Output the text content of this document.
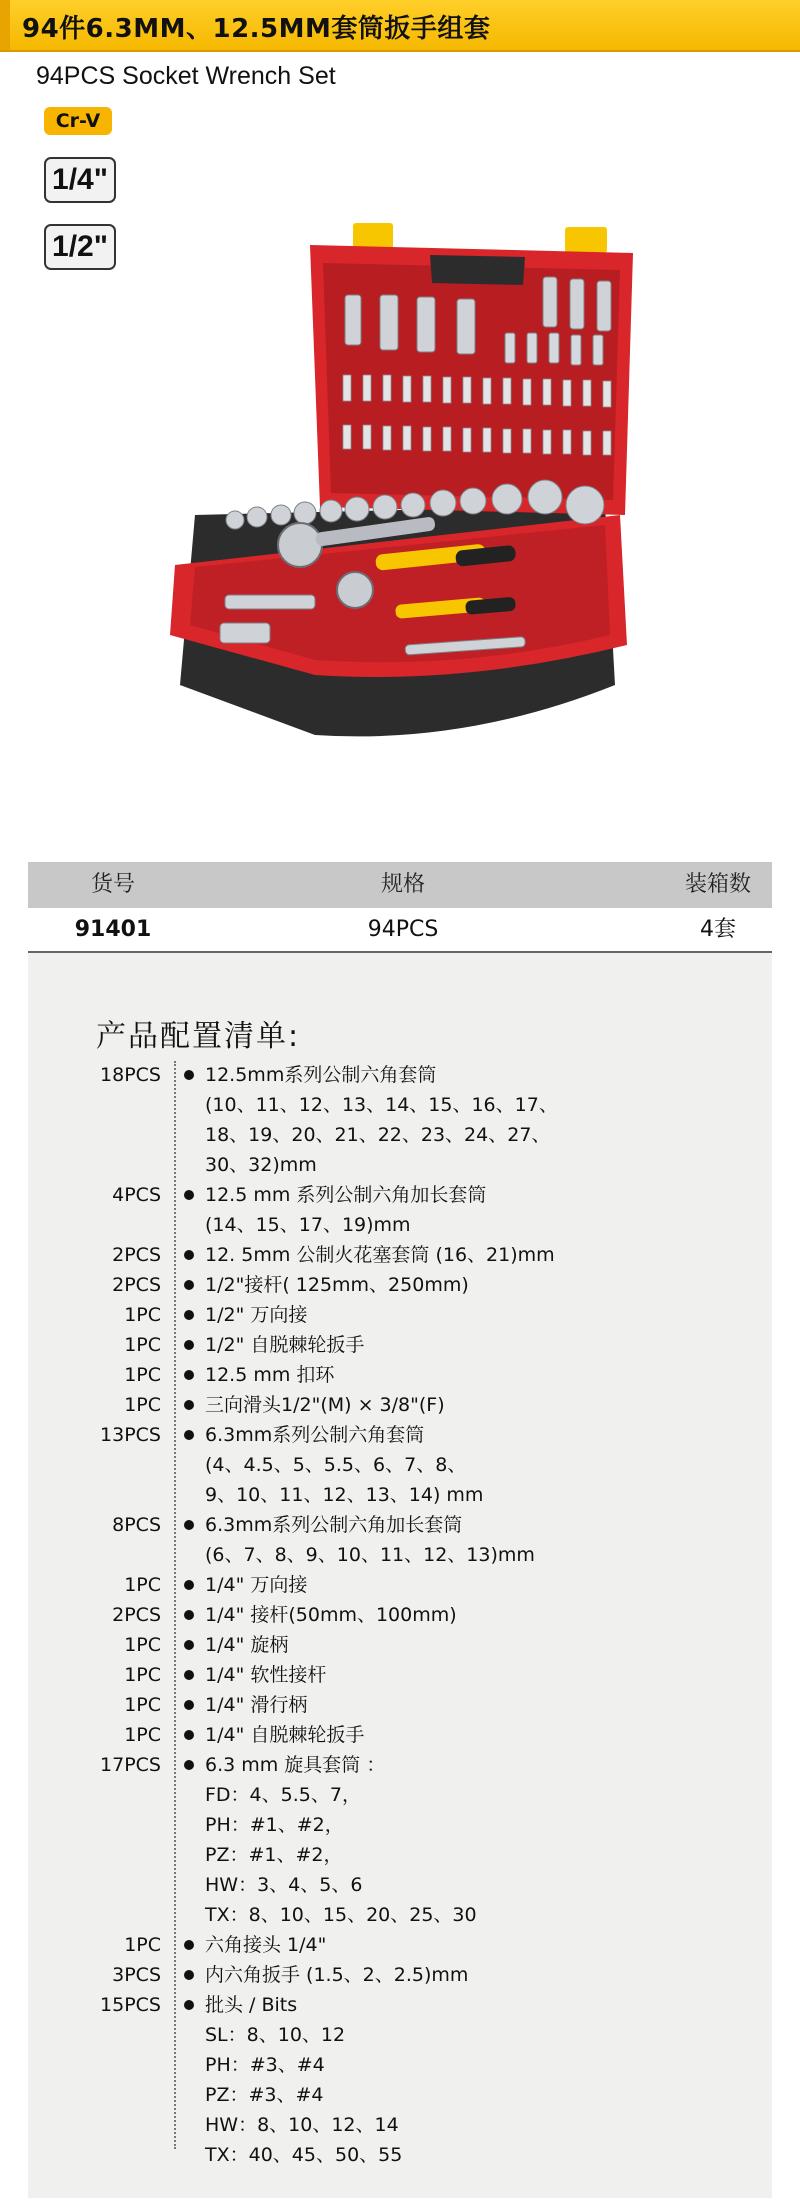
94件6.3MM、12.5MM套筒扳手组套
94PCS Socket Wrench Set
Cr-V
1/4"
1/2"
货号	规格	装箱数
91401	94PCS	4套
产品配置清单:
18PCS 12.5mm系列公制六角套筒
(10、11、12、13、14、15、16、17、
18、19、20、21、22、23、24、27、
30、32)mm
4PCS 12.5 mm 系列公制六角加长套筒
(14、15、17、19)mm
2PCS 12. 5mm 公制火花塞套筒 (16、21)mm
2PCS 1/2"接杆( 125mm、250mm)
1PC 1/2" 万向接
1PC 1/2" 自脱棘轮扳手
1PC 12.5 mm 扣环
1PC 三向滑头1/2"(M) × 3/8"(F)
13PCS 6.3mm系列公制六角套筒
(4、4.5、5、5.5、6、7、8、
9、10、11、12、13、14) mm
8PCS 6.3mm系列公制六角加长套筒
(6、7、8、9、10、11、12、13)mm
1PC 1/4" 万向接
2PCS 1/4" 接杆(50mm、100mm)
1PC 1/4" 旋柄
1PC 1/4" 软性接杆
1PC 1/4" 滑行柄
1PC 1/4" 自脱棘轮扳手
17PCS 6.3 mm 旋具套筒 ：
FD：4、5.5、7，
PH：#1、#2，
PZ：#1、#2，
HW：3、4、5、6
TX：8、10、15、20、25、30
1PC 六角接头 1/4"
3PCS 内六角扳手 (1.5、2、2.5)mm
15PCS 批头 / Bits
SL：8、10、12
PH：#3、#4
PZ：#3、#4
HW：8、10、12、14
TX：40、45、50、55
